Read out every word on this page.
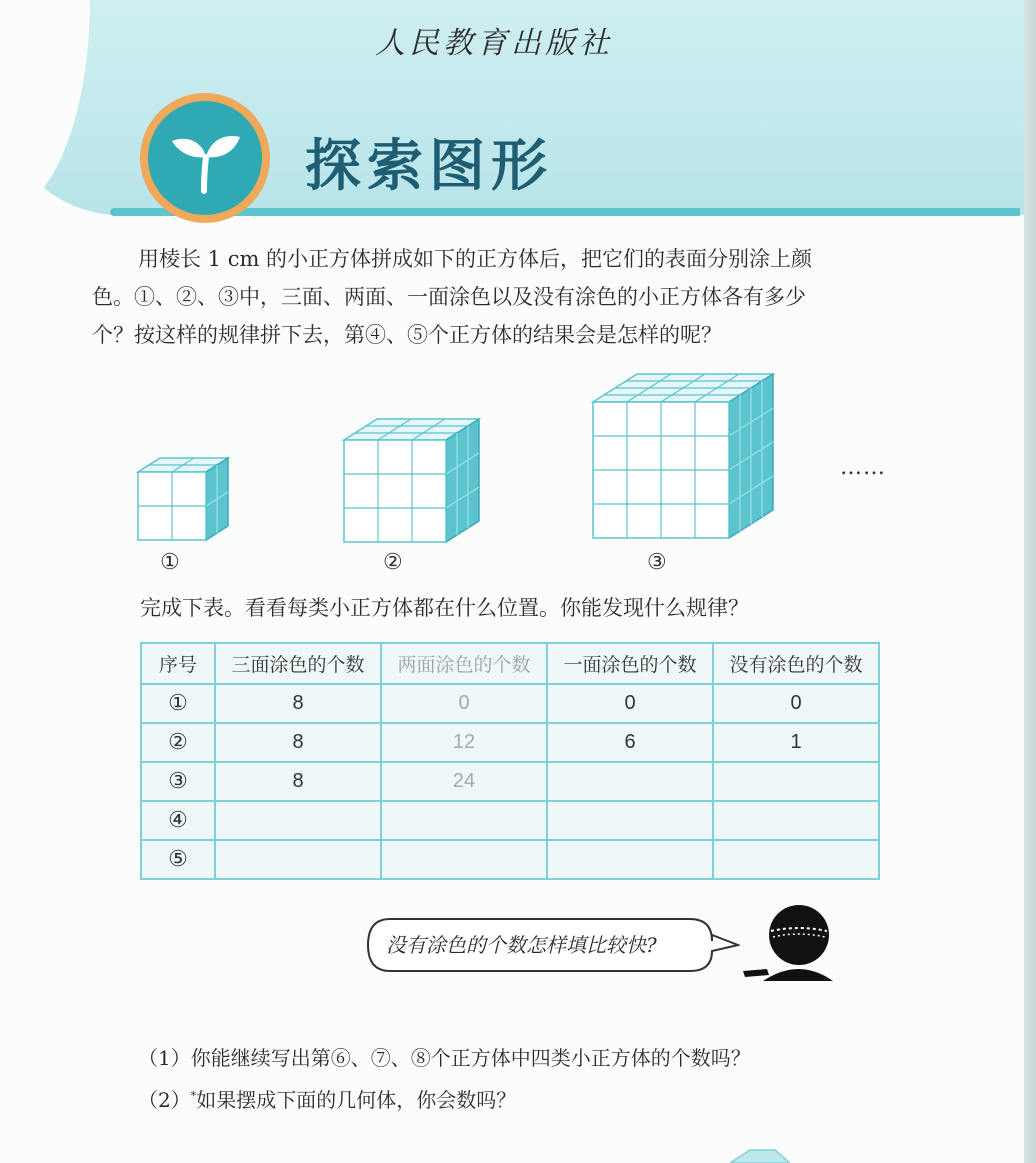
人民教育出版社
探索图形

用棱长 1 cm 的小正方体拼成如下的正方体后，把它们的表面分别涂上颜

色。①、②、③中，三面、两面、一面涂色以及没有涂色的小正方体各有多少

个？按这样的规律拼下去，第④、⑤个正方体的结果会是怎样的呢？

①	②	③
……
完成下表。看看每类小正方体都在什么位置。你能发现什么规律？
序号	三面涂色的个数	两面涂色的个数	一面涂色的个数	没有涂色的个数
①	8	0	0	0
②	8	12	6	1
③	8	24		
④				
⑤				
没有涂色的个数怎样填比较快?
（1）你能继续写出第⑥、⑦、⑧个正方体中四类小正方体的个数吗？
（2）*如果摆成下面的几何体，你会数吗？
